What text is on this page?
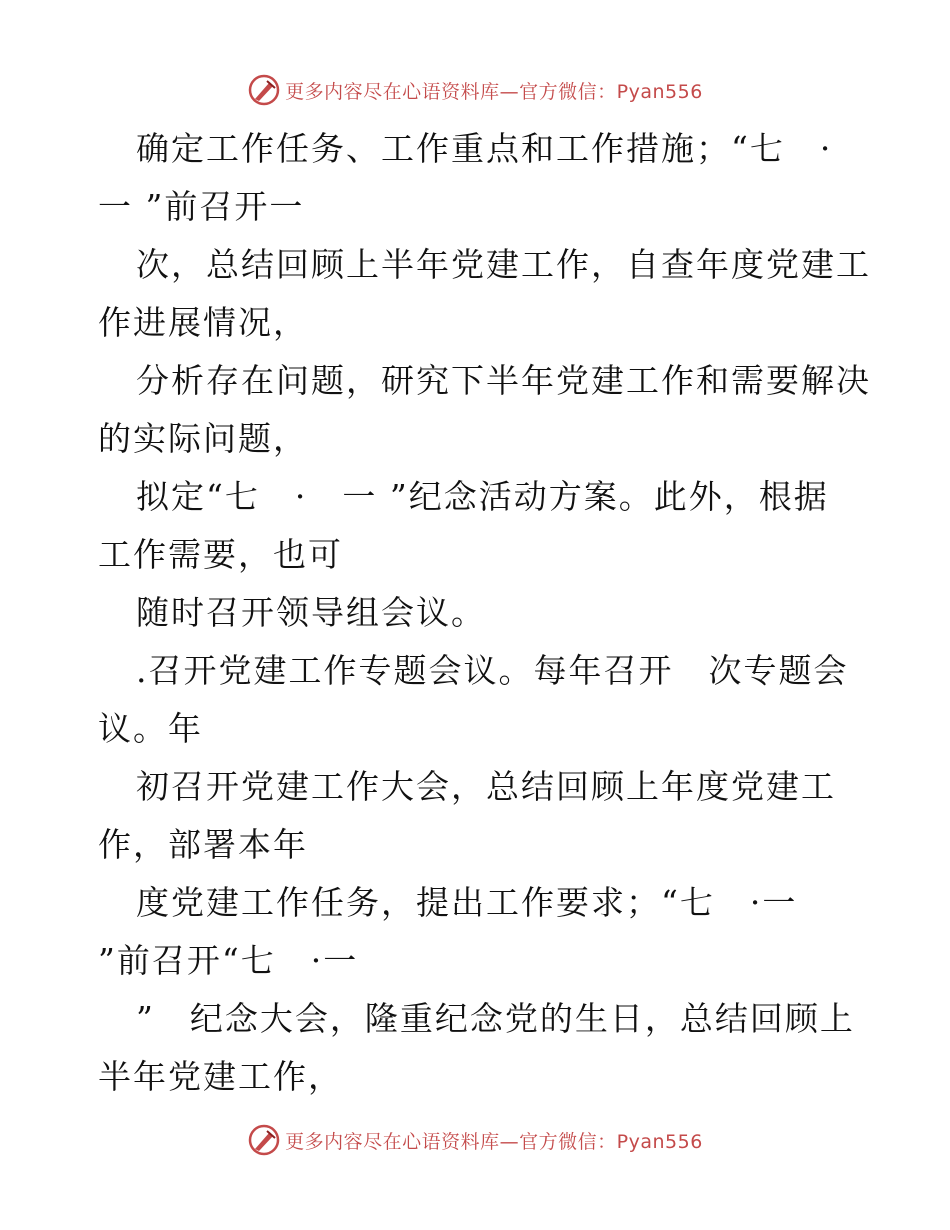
更多内容尽在心语资料库—官方微信：Pyan556
确定工作任务、工作重点和工作措施；“七　·
一 ”前召开一
次，总结回顾上半年党建工作，自查年度党建工
作进展情况，
分析存在问题，研究下半年党建工作和需要解决
的实际问题，
拟定“七　·　一 ”纪念活动方案。此外，根据
工作需要，也可
随时召开领导组会议。
.召开党建工作专题会议。每年召开　次专题会
议。年
初召开党建工作大会，总结回顾上年度党建工
作，部署本年
度党建工作任务，提出工作要求；“七　·一
”前召开“七　·一
”　纪念大会，隆重纪念党的生日，总结回顾上
半年党建工作，
更多内容尽在心语资料库—官方微信：Pyan556
